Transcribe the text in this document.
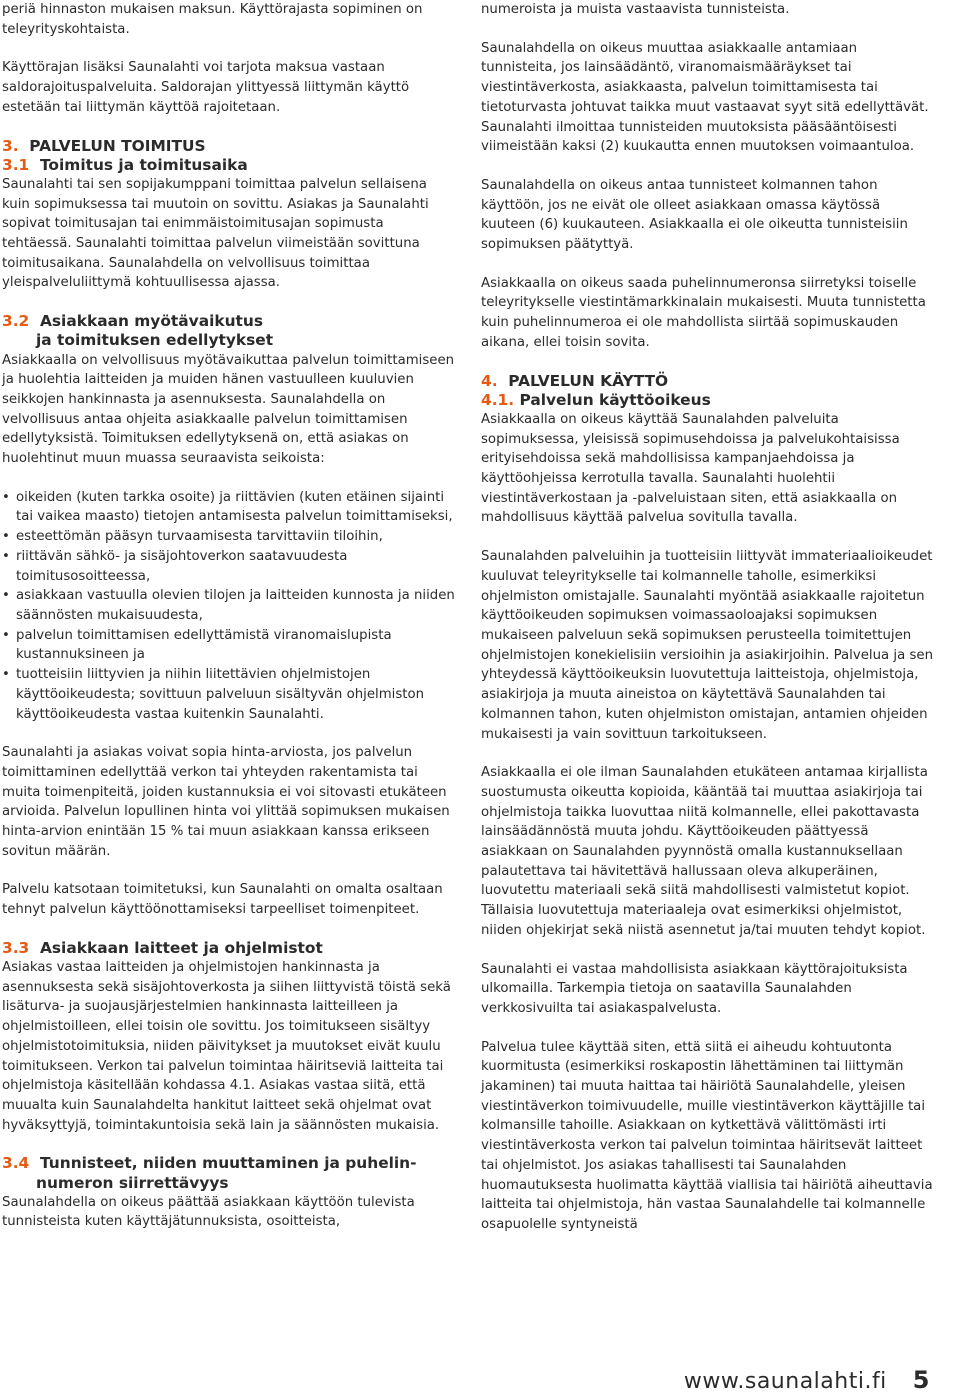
periä hinnaston mukaisen maksun. Käyttörajasta sopiminen on teleyrityskohtaista.

Käyttörajan lisäksi Saunalahti voi tarjota maksua vastaan saldorajoituspalveluita. Saldorajan ylittyessä liittymän käyttö estetään tai liittymän käyttöä rajoitetaan.

3. PALVELUN TOIMITUS
3.1 Toimitus ja toimitusaika

Saunalahti tai sen sopijakumppani toimittaa palvelun sellaisena kuin sopimuksessa tai muutoin on sovittu. Asiakas ja Saunalahti sopivat toimitusajan tai enimmäistoimitusajan sopimusta tehtäessä. Saunalahti toimittaa palvelun viimeistään sovittuna toimitusaikana. Saunalahdella on velvollisuus toimittaa yleispalveluliittymä kohtuullisessa ajassa.

3.2 Asiakkaan myötävaikutus
ja toimituksen edellytykset

Asiakkaalla on velvollisuus myötävaikuttaa palvelun toimittamiseen ja huolehtia laitteiden ja muiden hänen vastuulleen kuuluvien seikkojen hankinnasta ja asennuksesta. Saunalahdella on velvollisuus antaa ohjeita asiakkaalle palvelun toimittamisen edellytyksistä. Toimituksen edellytyksenä on, että asiakas on huolehtinut muun muassa seuraavista seikoista:

• oikeiden (kuten tarkka osoite) ja riittävien (kuten etäinen sijainti tai vaikea maasto) tietojen antamisesta palvelun toimittamiseksi,
• esteettömän pääsyn turvaamisesta tarvittaviin tiloihin,
• riittävän sähkö- ja sisäjohtoverkon saatavuudesta toimitusosoitteessa,
• asiakkaan vastuulla olevien tilojen ja laitteiden kunnosta ja niiden säännösten mukaisuudesta,
• palvelun toimittamisen edellyttämistä viranomaislupista kustannuksineen ja
• tuotteisiin liittyvien ja niihin liitettävien ohjelmistojen käyttöoikeudesta; sovittuun palveluun sisältyvän ohjelmiston käyttöoikeudesta vastaa kuitenkin Saunalahti.

Saunalahti ja asiakas voivat sopia hinta-arviosta, jos palvelun toimittaminen edellyttää verkon tai yhteyden rakentamista tai muita toimenpiteitä, joiden kustannuksia ei voi sitovasti etukäteen arvioida. Palvelun lopullinen hinta voi ylittää sopimuksen mukaisen hinta-arvion enintään 15 % tai muun asiakkaan kanssa erikseen sovitun määrän.

Palvelu katsotaan toimitetuksi, kun Saunalahti on omalta osaltaan tehnyt palvelun käyttöönottamiseksi tarpeelliset toimenpiteet.

3.3 Asiakkaan laitteet ja ohjelmistot

Asiakas vastaa laitteiden ja ohjelmistojen hankinnasta ja asennuksesta sekä sisäjohtoverkosta ja siihen liittyvistä töistä sekä lisäturva- ja suojausjärjestelmien hankinnasta laitteilleen ja ohjelmistoilleen, ellei toisin ole sovittu. Jos toimitukseen sisältyy ohjelmistotoimituksia, niiden päivitykset ja muutokset eivät kuulu toimitukseen. Verkon tai palvelun toimintaa häiritseviä laitteita tai ohjelmistoja käsitellään kohdassa 4.1. Asiakas vastaa siitä, että muualta kuin Saunalahdelta hankitut laitteet sekä ohjelmat ovat hyväksyttyjä, toimintakuntoisia sekä lain ja säännösten mukaisia.

3.4 Tunnisteet, niiden muuttaminen ja puhelin-
numeron siirrettävyys

Saunalahdella on oikeus päättää asiakkaan käyttöön tulevista tunnisteista kuten käyttäjätunnuksista, osoitteista,

numeroista ja muista vastaavista tunnisteista.

Saunalahdella on oikeus muuttaa asiakkaalle antamiaan tunnisteita, jos lainsäädäntö, viranomaismääräykset tai viestintäverkosta, asiakkaasta, palvelun toimittamisesta tai tietoturvasta johtuvat taikka muut vastaavat syyt sitä edellyttävät. Saunalahti ilmoittaa tunnisteiden muutoksista pääsääntöisesti viimeistään kaksi (2) kuukautta ennen muutoksen voimaantuloa.

Saunalahdella on oikeus antaa tunnisteet kolmannen tahon käyttöön, jos ne eivät ole olleet asiakkaan omassa käytössä kuuteen (6) kuukauteen. Asiakkaalla ei ole oikeutta tunnisteisiin sopimuksen päätyttyä.

Asiakkaalla on oikeus saada puhelinnumeronsa siirretyksi toiselle teleyritykselle viestintämarkkinalain mukaisesti. Muuta tunnistetta kuin puhelinnumeroa ei ole mahdollista siirtää sopimuskauden aikana, ellei toisin sovita.

4. PALVELUN KÄYTTÖ
4.1. Palvelun käyttöoikeus

Asiakkaalla on oikeus käyttää Saunalahden palveluita sopimuksessa, yleisissä sopimusehdoissa ja palvelukohtaisissa erityisehdoissa sekä mahdollisissa kampanjaehdoissa ja käyttöohjeissa kerrotulla tavalla. Saunalahti huolehtii viestintäverkostaan ja -palveluistaan siten, että asiakkaalla on mahdollisuus käyttää palvelua sovitulla tavalla.

Saunalahden palveluihin ja tuotteisiin liittyvät immateriaalioikeudet kuuluvat teleyritykselle tai kolmannelle taholle, esimerkiksi ohjelmiston omistajalle. Saunalahti myöntää asiakkaalle rajoitetun käyttöoikeuden sopimuksen voimassaoloajaksi sopimuksen mukaiseen palveluun sekä sopimuksen perusteella toimitettujen ohjelmistojen konekielisiin versioihin ja asiakirjoihin. Palvelua ja sen yhteydessä käyttöoikeuksin luovutettuja laitteistoja, ohjelmistoja, asiakirjoja ja muuta aineistoa on käytettävä Saunalahden tai kolmannen tahon, kuten ohjelmiston omistajan, antamien ohjeiden mukaisesti ja vain sovittuun tarkoitukseen.

Asiakkaalla ei ole ilman Saunalahden etukäteen antamaa kirjallista suostumusta oikeutta kopioida, kääntää tai muuttaa asiakirjoja tai ohjelmistoja taikka luovuttaa niitä kolmannelle, ellei pakottavasta lainsäädännöstä muuta johdu. Käyttöoikeuden päättyessä asiakkaan on Saunalahden pyynnöstä omalla kustannuksellaan palautettava tai hävitettävä hallussaan oleva alkuperäinen, luovutettu materiaali sekä siitä mahdollisesti valmistetut kopiot. Tällaisia luovutettuja materiaaleja ovat esimerkiksi ohjelmistot, niiden ohjekirjat sekä niistä asennetut ja/tai muuten tehdyt kopiot.

Saunalahti ei vastaa mahdollisista asiakkaan käyttörajoituksista ulkomailla. Tarkempia tietoja on saatavilla Saunalahden verkkosivuilta tai asiakaspalvelusta.

Palvelua tulee käyttää siten, että siitä ei aiheudu kohtuutonta kuormitusta (esimerkiksi roskapostin lähettäminen tai liittymän jakaminen) tai muuta haittaa tai häiriötä Saunalahdelle, yleisen viestintäverkon toimivuudelle, muille viestintäverkon käyttäjille tai kolmansille tahoille. Asiakkaan on kytkettävä välittömästi irti viestintäverkosta verkon tai palvelun toimintaa häiritsevät laitteet tai ohjelmistot. Jos asiakas tahallisesti tai Saunalahden huomautuksesta huolimatta käyttää viallisia tai häiriötä aiheuttavia laitteita tai ohjelmistoja, hän vastaa Saunalahdelle tai kolmannelle osapuolelle syntyneistä

www.saunalahti.fi 5
